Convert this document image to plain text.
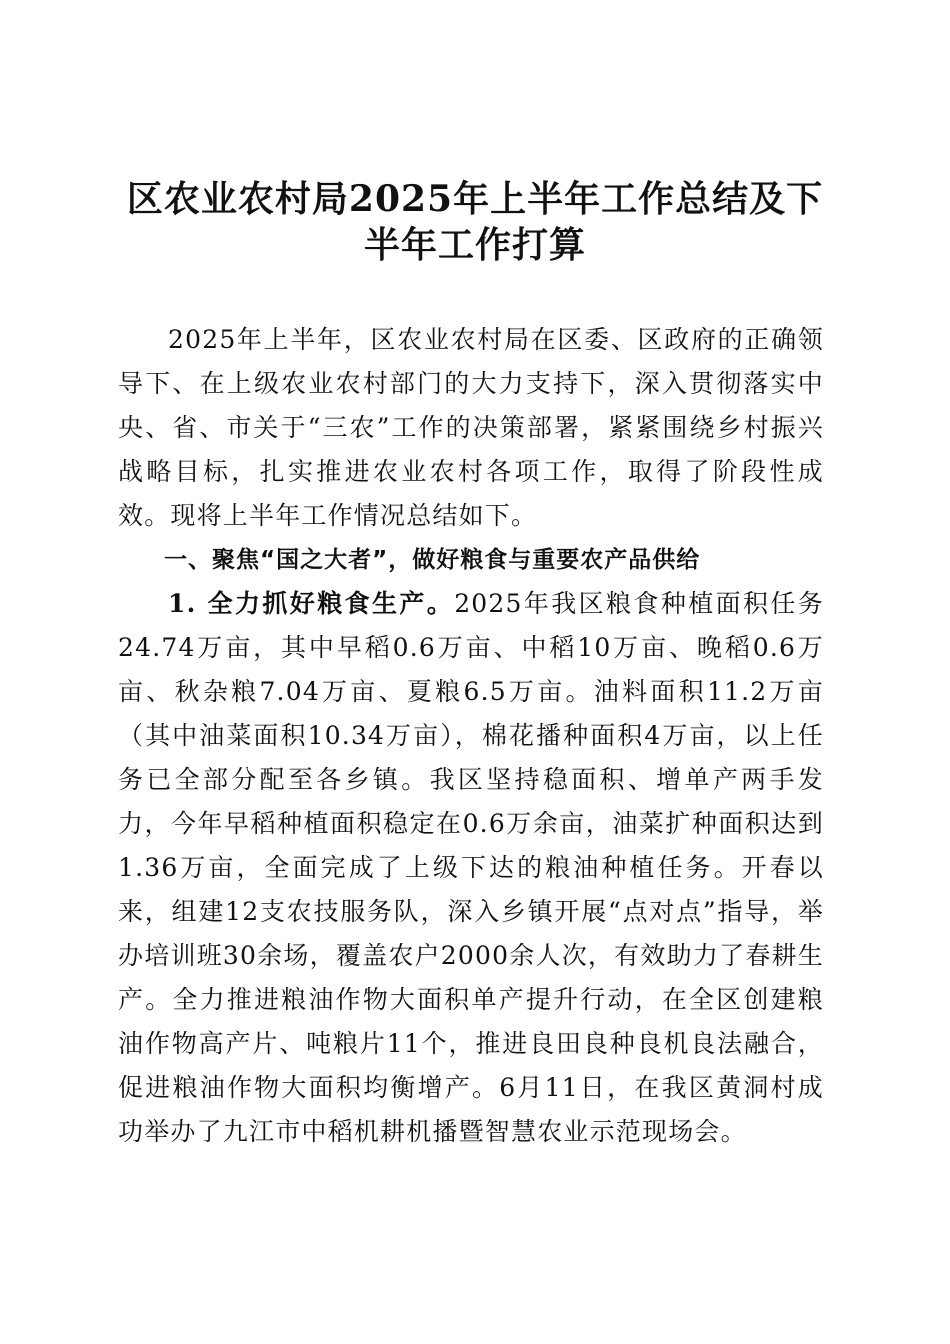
区农业农村局2025年上半年工作总结及下半年工作打算

2025年上半年，区农业农村局在区委、区政府的正确领导下、在上级农业农村部门的大力支持下，深入贯彻落实中央、省、市关于“三农”工作的决策部署，紧紧围绕乡村振兴战略目标，扎实推进农业农村各项工作，取得了阶段性成效。现将上半年工作情况总结如下。

一、聚焦“国之大者”，做好粮食与重要农产品供给

1. 全力抓好粮食生产。2025年我区粮食种植面积任务24.74万亩，其中早稻0.6万亩、中稻10万亩、晚稻0.6万亩、秋杂粮7.04万亩、夏粮6.5万亩。油料面积11.2万亩（其中油菜面积10.34万亩），棉花播种面积4万亩，以上任务已全部分配至各乡镇。我区坚持稳面积、增单产两手发力，今年早稻种植面积稳定在0.6万余亩，油菜扩种面积达到1.36万亩，全面完成了上级下达的粮油种植任务。开春以来，组建12支农技服务队，深入乡镇开展“点对点”指导，举办培训班30余场，覆盖农户2000余人次，有效助力了春耕生产。全力推进粮油作物大面积单产提升行动，在全区创建粮油作物高产片、吨粮片11个，推进良田良种良机良法融合，促进粮油作物大面积均衡增产。6月11日，在我区黄洞村成功举办了九江市中稻机耕机播暨智慧农业示范现场会。
